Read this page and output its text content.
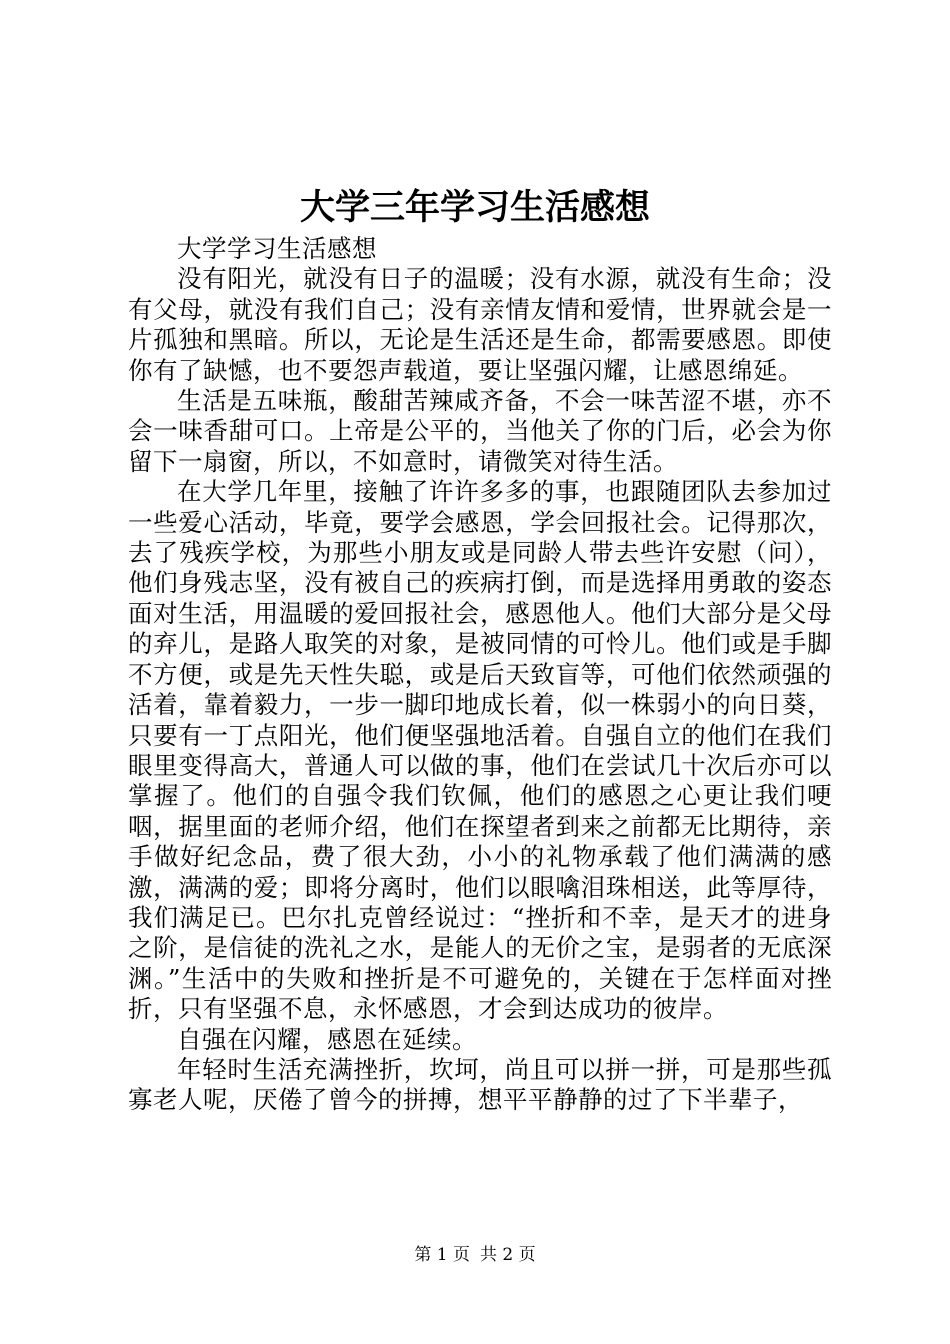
大学三年学习生活感想

大学学习生活感想

没有阳光，就没有日子的温暖；没有水源，就没有生命；没有父母，就没有我们自己；没有亲情友情和爱情，世界就会是一片孤独和黑暗。所以，无论是生活还是生命，都需要感恩。即使你有了缺憾，也不要怨声载道，要让坚强闪耀，让感恩绵延。

生活是五味瓶，酸甜苦辣咸齐备，不会一味苦涩不堪，亦不会一味香甜可口。上帝是公平的，当他关了你的门后，必会为你留下一扇窗，所以，不如意时，请微笑对待生活。

在大学几年里，接触了许许多多的事，也跟随团队去参加过一些爱心活动，毕竟，要学会感恩，学会回报社会。记得那次，去了残疾学校，为那些小朋友或是同龄人带去些许安慰（问），他们身残志坚，没有被自己的疾病打倒，而是选择用勇敢的姿态面对生活，用温暖的爱回报社会，感恩他人。他们大部分是父母的弃儿，是路人取笑的对象，是被同情的可怜儿。他们或是手脚不方便，或是先天性失聪，或是后天致盲等，可他们依然顽强的活着，靠着毅力，一步一脚印地成长着，似一株弱小的向日葵，只要有一丁点阳光，他们便坚强地活着。自强自立的他们在我们眼里变得高大，普通人可以做的事，他们在尝试几十次后亦可以掌握了。他们的自强令我们钦佩，他们的感恩之心更让我们哽咽，据里面的老师介绍，他们在探望者到来之前都无比期待，亲手做好纪念品，费了很大劲，小小的礼物承载了他们满满的感激，满满的爱；即将分离时，他们以眼噙泪珠相送，此等厚待，我们满足已。巴尔扎克曾经说过：“挫折和不幸，是天才的进身之阶，是信徒的洗礼之水，是能人的无价之宝，是弱者的无底深渊。”生活中的失败和挫折是不可避免的，关键在于怎样面对挫折，只有坚强不息，永怀感恩，才会到达成功的彼岸。

自强在闪耀，感恩在延续。

年轻时生活充满挫折，坎坷，尚且可以拼一拼，可是那些孤寡老人呢，厌倦了曾今的拼搏，想平平静静的过了下半辈子，

第 1 页 共 2 页
